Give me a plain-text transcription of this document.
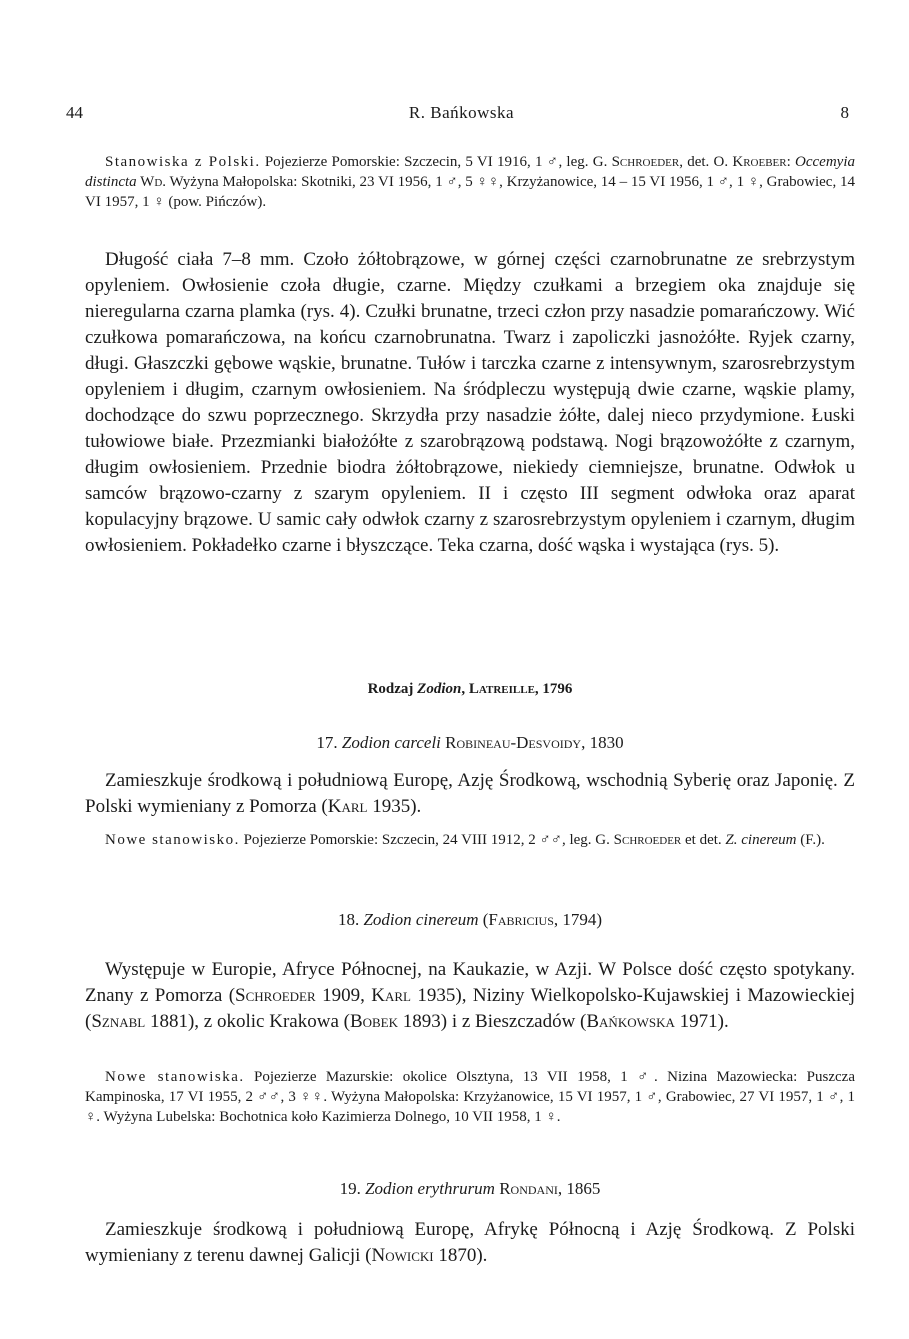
44	R. Bańkowska	8
Stanowiska z Polski. Pojezierze Pomorskie: Szczecin, 5 VI 1916, 1 ♂, leg. G. Schroeder, det. O. Kroeber: Occemyia distincta Wd. Wyżyna Małopolska: Skotniki, 23 VI 1956, 1 ♂, 5 ♀♀, Krzyżanowice, 14 – 15 VI 1956, 1 ♂, 1 ♀, Grabowiec, 14 VI 1957, 1 ♀ (pow. Pińczów).
Długość ciała 7–8 mm. Czoło żółtobrązowe, w górnej części czarnobrunatne ze srebrzystym opyleniem. Owłosienie czoła długie, czarne. Między czułkami a brzegiem oka znajduje się nieregularna czarna plamka (rys. 4). Czułki brunatne, trzeci człon przy nasadzie pomarańczowy. Wić czułkowa pomarańczowa, na końcu czarnobrunatna. Twarz i zapoliczki jasnożółte. Ryjek czarny, długi. Głaszczki gębowe wąskie, brunatne. Tułów i tarczka czarne z intensywnym, szarosrebrzystym opyleniem i długim, czarnym owłosieniem. Na śródpleczu występują dwie czarne, wąskie plamy, dochodzące do szwu poprzecznego. Skrzydła przy nasadzie żółte, dalej nieco przydymione. Łuski tułowiowe białe. Przezmianki białożółte z szarobrązową podstawą. Nogi brązowożółte z czarnym, długim owłosieniem. Przednie biodra żółtobrązowe, niekiedy ciemniejsze, brunatne. Odwłok u samców brązowo-czarny z szarym opyleniem. II i często III segment odwłoka oraz aparat kopulacyjny brązowe. U samic cały odwłok czarny z szarosrebrzystym opyleniem i czarnym, długim owłosieniem. Pokładełko czarne i błyszczące. Teka czarna, dość wąska i wystająca (rys. 5).
Rodzaj Zodion, Latreille, 1796
17. Zodion carceli Robineau-Desvoidy, 1830
Zamieszkuje środkową i południową Europę, Azję Środkową, wschodnią Syberię oraz Japonię. Z Polski wymieniany z Pomorza (Karl 1935).
Nowe stanowisko. Pojezierze Pomorskie: Szczecin, 24 VIII 1912, 2 ♂♂, leg. G. Schroeder et det. Z. cinereum (F.).
18. Zodion cinereum (Fabricius, 1794)
Występuje w Europie, Afryce Północnej, na Kaukazie, w Azji. W Polsce dość często spotykany. Znany z Pomorza (Schroeder 1909, Karl 1935), Niziny Wielkopolsko-Kujawskiej i Mazowieckiej (Sznabl 1881), z okolic Krakowa (Bobek 1893) i z Bieszczadów (Bańkowska 1971).
Nowe stanowiska. Pojezierze Mazurskie: okolice Olsztyna, 13 VII 1958, 1 ♂. Nizina Mazowiecka: Puszcza Kampinoska, 17 VI 1955, 2 ♂♂, 3 ♀♀. Wyżyna Małopolska: Krzyżanowice, 15 VI 1957, 1 ♂, Grabowiec, 27 VI 1957, 1 ♂, 1 ♀. Wyżyna Lubelska: Bochotnica koło Kazimierza Dolnego, 10 VII 1958, 1 ♀.
19. Zodion erythrurum Rondani, 1865
Zamieszkuje środkową i południową Europę, Afrykę Północną i Azję Środkową. Z Polski wymieniany z terenu dawnej Galicji (Nowicki 1870).
